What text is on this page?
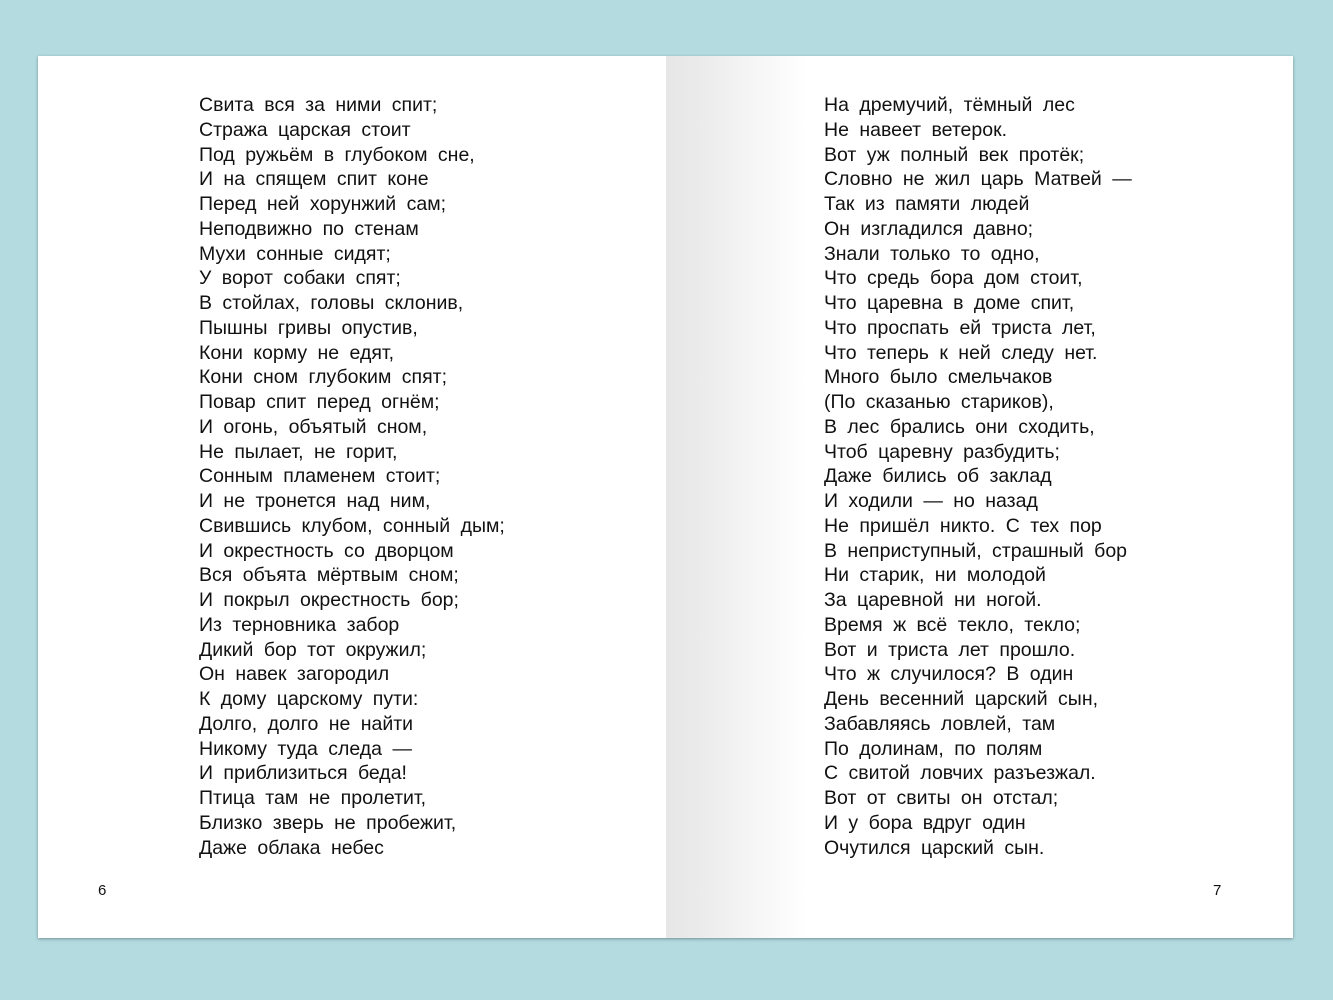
Свита вся за ними спит;
Стража царская стоит
Под ружьём в глубоком сне,
И на спящем спит коне
Перед ней хорунжий сам;
Неподвижно по стенам
Мухи сонные сидят;
У ворот собаки спят;
В стойлах, головы склонив,
Пышны гривы опустив,
Кони корму не едят,
Кони сном глубоким спят;
Повар спит перед огнём;
И огонь, объятый сном,
Не пылает, не горит,
Сонным пламенем стоит;
И не тронется над ним,
Свившись клубом, сонный дым;
И окрестность со дворцом
Вся объята мёртвым сном;
И покрыл окрестность бор;
Из терновника забор
Дикий бор тот окружил;
Он навек загородил
К дому царскому пути:
Долго, долго не найти
Никому туда следа —
И приблизиться беда!
Птица там не пролетит,
Близко зверь не пробежит,
Даже облака небес
6
На дремучий, тёмный лес
Не навеет ветерок.
Вот уж полный век протёк;
Словно не жил царь Матвей —
Так из памяти людей
Он изгладился давно;
Знали только то одно,
Что средь бора дом стоит,
Что царевна в доме спит,
Что проспать ей триста лет,
Что теперь к ней следу нет.
Много было смельчаков
(По сказанью стариков),
В лес брались они сходить,
Чтоб царевну разбудить;
Даже бились об заклад
И ходили — но назад
Не пришёл никто. С тех пор
В неприступный, страшный бор
Ни старик, ни молодой
За царевной ни ногой.
Время ж всё текло, текло;
Вот и триста лет прошло.
Что ж случилося? В один
День весенний царский сын,
Забавляясь ловлей, там
По долинам, по полям
С свитой ловчих разъезжал.
Вот от свиты он отстал;
И у бора вдруг один
Очутился царский сын.
7
